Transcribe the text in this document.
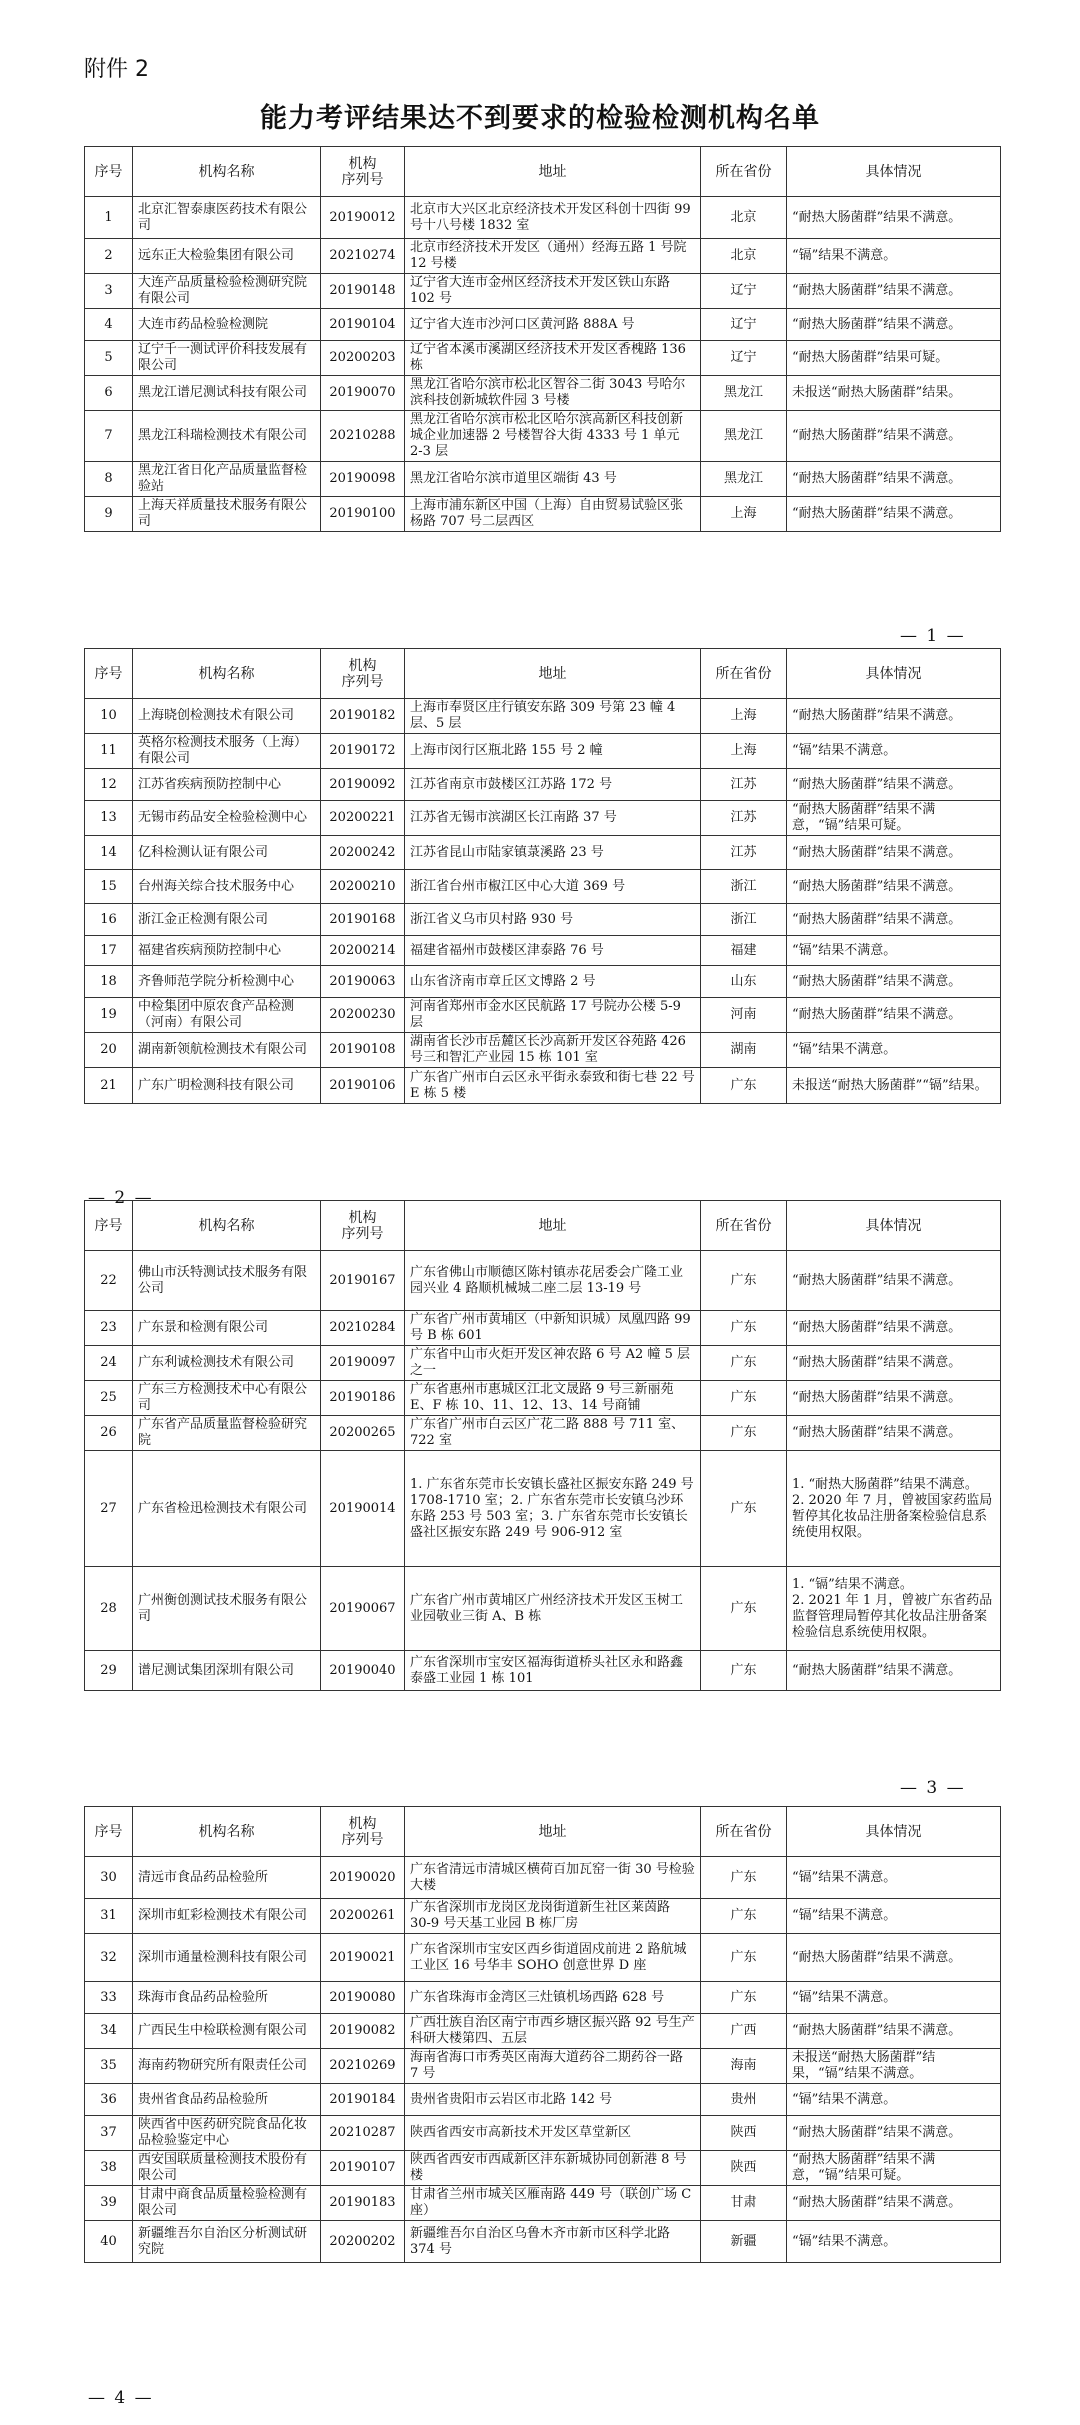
附件 2
能力考评结果达不到要求的检验检测机构名单
序号	机构名称	机构
序列号	地址	所在省份	具体情况
1	北京汇智泰康医药技术有限公司	20190012	北京市大兴区北京经济技术开发区科创十四街 99 号十八号楼 1832 室	北京	“耐热大肠菌群”结果不满意。
2	远东正大检验集团有限公司	20210274	北京市经济技术开发区（通州）经海五路 1 号院 12 号楼	北京	“镉”结果不满意。
3	大连产品质量检验检测研究院有限公司	20190148	辽宁省大连市金州区经济技术开发区铁山东路 102 号	辽宁	“耐热大肠菌群”结果不满意。
4	大连市药品检验检测院	20190104	辽宁省大连市沙河口区黄河路 888A 号	辽宁	“耐热大肠菌群”结果不满意。
5	辽宁千一测试评价科技发展有限公司	20200203	辽宁省本溪市溪湖区经济技术开发区香槐路 136 栋	辽宁	“耐热大肠菌群”结果可疑。
6	黑龙江谱尼测试科技有限公司	20190070	黑龙江省哈尔滨市松北区智谷二街 3043 号哈尔滨科技创新城软件园 3 号楼	黑龙江	未报送“耐热大肠菌群”结果。
7	黑龙江科瑞检测技术有限公司	20210288	黑龙江省哈尔滨市松北区哈尔滨高新区科技创新城企业加速器 2 号楼智谷大街 4333 号 1 单元 2-3 层	黑龙江	“耐热大肠菌群”结果不满意。
8	黑龙江省日化产品质量监督检验站	20190098	黑龙江省哈尔滨市道里区端街 43 号	黑龙江	“耐热大肠菌群”结果不满意。
9	上海天祥质量技术服务有限公司	20190100	上海市浦东新区中国（上海）自由贸易试验区张杨路 707 号二层西区	上海	“耐热大肠菌群”结果不满意。
序号	机构名称	机构
序列号	地址	所在省份	具体情况
10	上海晓创检测技术有限公司	20190182	上海市奉贤区庄行镇安东路 309 号第 23 幢 4 层、5 层	上海	“耐热大肠菌群”结果不满意。
11	英格尔检测技术服务（上海）有限公司	20190172	上海市闵行区瓶北路 155 号 2 幢	上海	“镉”结果不满意。
12	江苏省疾病预防控制中心	20190092	江苏省南京市鼓楼区江苏路 172 号	江苏	“耐热大肠菌群”结果不满意。
13	无锡市药品安全检验检测中心	20200221	江苏省无锡市滨湖区长江南路 37 号	江苏	“耐热大肠菌群”结果不满意，“镉”结果可疑。
14	亿科检测认证有限公司	20200242	江苏省昆山市陆家镇菉溪路 23 号	江苏	“耐热大肠菌群”结果不满意。
15	台州海关综合技术服务中心	20200210	浙江省台州市椒江区中心大道 369 号	浙江	“耐热大肠菌群”结果不满意。
16	浙江金正检测有限公司	20190168	浙江省义乌市贝村路 930 号	浙江	“耐热大肠菌群”结果不满意。
17	福建省疾病预防控制中心	20200214	福建省福州市鼓楼区津泰路 76 号	福建	“镉”结果不满意。
18	齐鲁师范学院分析检测中心	20190063	山东省济南市章丘区文博路 2 号	山东	“耐热大肠菌群”结果不满意。
19	中检集团中原农食产品检测（河南）有限公司	20200230	河南省郑州市金水区民航路 17 号院办公楼 5-9 层	河南	“耐热大肠菌群”结果不满意。
20	湖南新领航检测技术有限公司	20190108	湖南省长沙市岳麓区长沙高新开发区谷苑路 426 号三和智汇产业园 15 栋 101 室	湖南	“镉”结果不满意。
21	广东广明检测科技有限公司	20190106	广东省广州市白云区永平街永泰致和街七巷 22 号 E 栋 5 楼	广东	未报送“耐热大肠菌群”“镉”结果。
序号	机构名称	机构
序列号	地址	所在省份	具体情况
22	佛山市沃特测试技术服务有限公司	20190167	广东省佛山市顺德区陈村镇赤花居委会广隆工业园兴业 4 路顺机械城二座二层 13-19 号	广东	“耐热大肠菌群”结果不满意。
23	广东景和检测有限公司	20210284	广东省广州市黄埔区（中新知识城）凤凰四路 99 号 B 栋 601	广东	“耐热大肠菌群”结果不满意。
24	广东利诚检测技术有限公司	20190097	广东省中山市火炬开发区神农路 6 号 A2 幢 5 层之一	广东	“耐热大肠菌群”结果不满意。
25	广东三方检测技术中心有限公司	20190186	广东省惠州市惠城区江北文晟路 9 号三新丽苑 E、F 栋 10、11、12、13、14 号商铺	广东	“耐热大肠菌群”结果不满意。
26	广东省产品质量监督检验研究院	20200265	广东省广州市白云区广花二路 888 号 711 室、722 室	广东	“耐热大肠菌群”结果不满意。
27	广东省检迅检测技术有限公司	20190014	1. 广东省东莞市长安镇长盛社区振安东路 249 号 1708-1710 室；2. 广东省东莞市长安镇乌沙环东路 253 号 503 室；3. 广东省东莞市长安镇长盛社区振安东路 249 号 906-912 室	广东	1. “耐热大肠菌群”结果不满意。
2. 2020 年 7 月，曾被国家药监局暂停其化妆品注册备案检验信息系统使用权限。
28	广州衡创测试技术服务有限公司	20190067	广东省广州市黄埔区广州经济技术开发区玉树工业园敬业三街 A、B 栋	广东	1. “镉”结果不满意。
2. 2021 年 1 月，曾被广东省药品监督管理局暂停其化妆品注册备案检验信息系统使用权限。
29	谱尼测试集团深圳有限公司	20190040	广东省深圳市宝安区福海街道桥头社区永和路鑫泰盛工业园 1 栋 101	广东	“耐热大肠菌群”结果不满意。
序号	机构名称	机构
序列号	地址	所在省份	具体情况
30	清远市食品药品检验所	20190020	广东省清远市清城区横荷百加瓦窑一街 30 号检验大楼	广东	“镉”结果不满意。
31	深圳市虹彩检测技术有限公司	20200261	广东省深圳市龙岗区龙岗街道新生社区莱茵路 30-9 号天基工业园 B 栋厂房	广东	“镉”结果不满意。
32	深圳市通量检测科技有限公司	20190021	广东省深圳市宝安区西乡街道固戍前进 2 路航城工业区 16 号华丰 SOHO 创意世界 D 座	广东	“耐热大肠菌群”结果不满意。
33	珠海市食品药品检验所	20190080	广东省珠海市金湾区三灶镇机场西路 628 号	广东	“镉”结果不满意。
34	广西民生中检联检测有限公司	20190082	广西壮族自治区南宁市西乡塘区振兴路 92 号生产科研大楼第四、五层	广西	“耐热大肠菌群”结果不满意。
35	海南药物研究所有限责任公司	20210269	海南省海口市秀英区南海大道药谷二期药谷一路 7 号	海南	未报送“耐热大肠菌群”结果，“镉”结果不满意。
36	贵州省食品药品检验所	20190184	贵州省贵阳市云岩区市北路 142 号	贵州	“镉”结果不满意。
37	陕西省中医药研究院食品化妆品检验鉴定中心	20210287	陕西省西安市高新技术开发区草堂新区	陕西	“耐热大肠菌群”结果不满意。
38	西安国联质量检测技术股份有限公司	20190107	陕西省西安市西咸新区沣东新城协同创新港 8 号楼	陕西	“耐热大肠菌群”结果不满意，“镉”结果可疑。
39	甘肃中商食品质量检验检测有限公司	20190183	甘肃省兰州市城关区雁南路 449 号（联创广场 C 座）	甘肃	“耐热大肠菌群”结果不满意。
40	新疆维吾尔自治区分析测试研究院	20200202	新疆维吾尔自治区乌鲁木齐市新市区科学北路 374 号	新疆	“镉”结果不满意。
— 1 —
— 2 —
— 3 —
— 4 —
